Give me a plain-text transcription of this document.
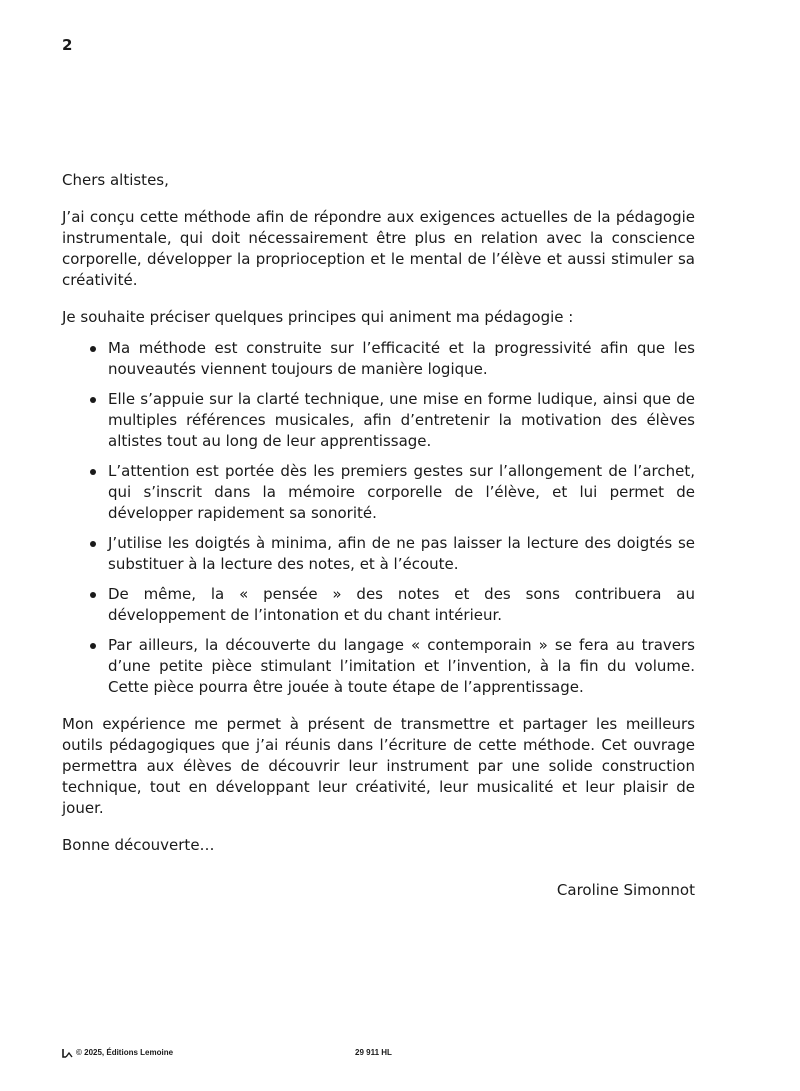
2

Chers altistes,

J’ai conçu cette méthode afin de répondre aux exigences actuelles de la pédagogie instrumentale, qui doit nécessairement être plus en relation avec la conscience corporelle, développer la proprioception et le mental de l’élève et aussi stimuler sa créativité.

Je souhaite préciser quelques principes qui animent ma pédagogie :

Ma méthode est construite sur l’efficacité et la progressivité afin que les nouveautés viennent toujours de manière logique.
Elle s’appuie sur la clarté technique, une mise en forme ludique, ainsi que de multiples références musicales, afin d’entretenir la motivation des élèves altistes tout au long de leur apprentissage.
L’attention est portée dès les premiers gestes sur l’allongement de l’archet, qui s’inscrit dans la mémoire corporelle de l’élève, et lui permet de développer rapidement sa sonorité.
J’utilise les doigtés à minima, afin de ne pas laisser la lecture des doigtés se substituer à la lecture des notes, et à l’écoute.
De même, la « pensée » des notes et des sons contribuera au développement de l’intonation et du chant intérieur.
Par ailleurs, la découverte du langage « contemporain » se fera au travers d’une petite pièce stimulant l’imitation et l’invention, à la fin du volume. Cette pièce pourra être jouée à toute étape de l’apprentissage.

Mon expérience me permet à présent de transmettre et partager les meilleurs outils pédagogiques que j’ai réunis dans l’écriture de cette méthode. Cet ouvrage permettra aux élèves de découvrir leur instrument par une solide construction technique, tout en développant leur créativité, leur musicalité et leur plaisir de jouer.

Bonne découverte…

Caroline Simonnot
© 2025, Éditions Lemoine	29 911 HL
